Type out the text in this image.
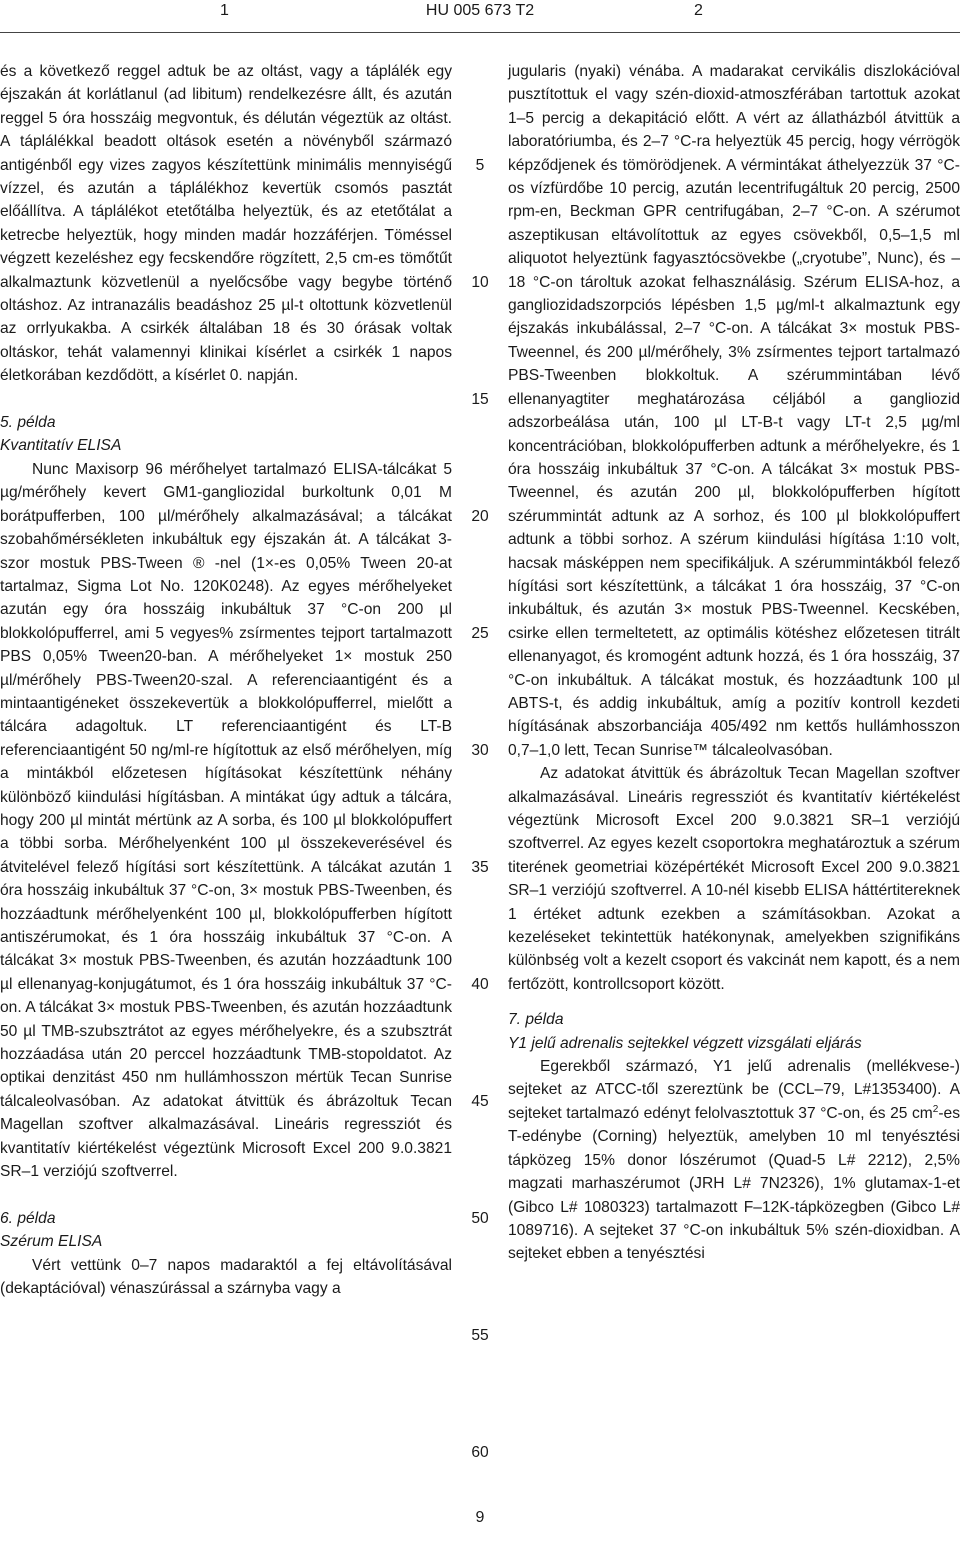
1	HU 005 673 T2	2

és a következő reggel adtuk be az oltást, vagy a táplálék egy éjszakán át korlátlanul (ad libitum) rendelkezésre állt, és azután reggel 5 óra hosszáig megvontuk, és délután végeztük az oltást. A táplálékkal beadott oltások esetén a növényből származó antigénből egy vizes zagyos készítettünk minimális mennyiségű vízzel, és azután a táplálékhoz kevertük csomós pasztát előállítva. A táplálékot etetőtálba helyeztük, és az etetőtálat a ketrecbe helyeztük, hogy minden madár hozzáférjen. Töméssel végzett kezeléshez egy fecskendőre rögzített, 2,5 cm-es tömőtűt alkalmaztunk közvetlenül a nyelőcsőbe vagy begybe történő oltáshoz. Az intranazális beadáshoz 25 µl-t oltottunk közvetlenül az orrlyukakba. A csirkék általában 18 és 30 órásak voltak oltáskor, tehát valamennyi klinikai kísérlet a csirkék 1 napos életkorában kezdődött, a kísérlet 0. napján.

5. példa

Kvantitatív ELISA

Nunc Maxisorp 96 mérőhelyet tartalmazó ELISA-tálcákat 5 µg/mérőhely kevert GM1-gangliozidal burkoltunk 0,01 M borátpufferben, 100 µl/mérőhely alkalmazásával; a tálcákat szobahőmérsékleten inkubáltuk egy éjszakán át. A tálcákat 3-szor mostuk PBS-Tween ® -nel (1×-es 0,05% Tween 20-at tartalmaz, Sigma Lot No. 120K0248). Az egyes mérőhelyeket azután egy óra hosszáig inkubáltuk 37 °C-on 200 µl blokkolópufferrel, ami 5 vegyes% zsírmentes tejport tartalmazott PBS 0,05% Tween20-ban. A mérőhelyeket 1× mostuk 250 µl/mérőhely PBS-Tween20-szal. A referenciaantigént és a mintaantigéneket összekevertük a blokkolópufferrel, mielőtt a tálcára adagoltuk. LT referenciaantigént és LT-B referenciaantigént 50 ng/ml-re hígítottuk az első mérőhelyen, míg a mintákból előzetesen hígításokat készítettünk néhány különböző kiindulási hígításban. A mintákat úgy adtuk a tálcára, hogy 200 µl mintát mértünk az A sorba, és 100 µl blokkolópuffert a többi sorba. Mérőhelyenként 100 µl összekeverésével és átvitelével felező hígítási sort készítettünk. A tálcákat azután 1 óra hosszáig inkubáltuk 37 °C-on, 3× mostuk PBS-Tweenben, és hozzáadtunk mérőhelyenként 100 µl, blokkolópufferben hígított antiszérumokat, és 1 óra hosszáig inkubáltuk 37 °C-on. A tálcákat 3× mostuk PBS-Tweenben, és azután hozzáadtunk 100 µl ellenanyag-konjugátumot, és 1 óra hosszáig inkubáltuk 37 °C-on. A tálcákat 3× mostuk PBS-Tweenben, és azután hozzáadtunk 50 µl TMB-szubsztrátot az egyes mérőhelyekre, és a szubsztrát hozzáadása után 20 perccel hozzáadtunk TMB-stopoldatot. Az optikai denzitást 450 nm hullámhosszon mértük Tecan Sunrise tálcaleolvasóban. Az adatokat átvittük és ábrázoltuk Tecan Magellan szoftver alkalmazásával. Lineáris regressziót és kvantitatív kiértékelést végeztünk Microsoft Excel 200 9.0.3821 SR–1 verziójú szoftverrel.

6. példa

Szérum ELISA

Vért vettünk 0–7 napos madaraktól a fej eltávolításával (dekaptációval) vénaszúrással a szárnyba vagy a

5
10
15
20
25
30
35
40
45
50
55
60

jugularis (nyaki) vénába. A madarakat cervikális diszlokációval pusztítottuk el vagy szén-dioxid-atmoszférában tartottuk azokat 1–5 percig a dekapitáció előtt. A vért az állatházból átvittük a laboratóriumba, és 2–7 °C-ra helyeztük 45 percig, hogy vérrögök képződjenek és tömörödjenek. A vérmintákat áthelyezzük 37 °C-os vízfürdőbe 10 percig, azután lecentrifugáltuk 20 percig, 2500 rpm-en, Beckman GPR centrifugában, 2–7 °C-on. A szérumot aszeptikusan eltávolítottuk az egyes csövekből, 0,5–1,5 ml aliquotot helyeztünk fagyasztócsövekbe („cryotube”, Nunc), és –18 °C-on tároltuk azokat felhasználásig. Szérum ELISA-hoz, a gangliozidadszorpciós lépésben 1,5 µg/ml-t alkalmaztunk egy éjszakás inkubálással, 2–7 °C-on. A tálcákat 3× mostuk PBS-Tweennel, és 200 µl/mérőhely, 3% zsírmentes tejport tartalmazó PBS-Tweenben blokkoltuk. A szérummintában lévő ellenanyagtiter meghatározása céljából a gangliozid adszorbeálása után, 100 µl LT-B-t vagy LT-t 2,5 µg/ml koncentrációban, blokkolópufferben adtunk a mérőhelyekre, és 1 óra hosszáig inkubáltuk 37 °C-on. A tálcákat 3× mostuk PBS-Tweennel, és azután 200 µl, blokkolópufferben hígított szérummintát adtunk az A sorhoz, és 100 µl blokkolópuffert adtunk a többi sorhoz. A szérum kiindulási hígítása 1:10 volt, hacsak másképpen nem specifikáljuk. A szérummintákból felező hígítási sort készítettünk, a tálcákat 1 óra hosszáig, 37 °C-on inkubáltuk, és azután 3× mostuk PBS-Tweennel. Kecskében, csirke ellen termeltetett, az optimális kötéshez előzetesen titrált ellenanyagot, és kromogént adtunk hozzá, és 1 óra hosszáig, 37 °C-on inkubáltuk. A tálcákat mostuk, és hozzáadtunk 100 µl ABTS-t, és addig inkubáltuk, amíg a pozitív kontroll kezdeti hígításának abszorbanciája 405/492 nm kettős hullámhosszon 0,7–1,0 lett, Tecan Sunrise™ tálcaleolvasóban.

Az adatokat átvittük és ábrázoltuk Tecan Magellan szoftver alkalmazásával. Lineáris regressziót és kvantitatív kiértékelést végeztünk Microsoft Excel 200 9.0.3821 SR–1 verziójú szoftverrel. Az egyes kezelt csoportokra meghatároztuk a szérum titerének geometriai középértékét Microsoft Excel 200 9.0.3821 SR–1 verziójú szoftverrel. A 10-nél kisebb ELISA háttértitereknek 1 értéket adtunk ezekben a számításokban. Azokat a kezeléseket tekintettük hatékonynak, amelyekben szignifikáns különbség volt a kezelt csoport és vakcinát nem kapott, és a nem fertőzött, kontrollcsoport között.

7. példa

Y1 jelű adrenalis sejtekkel végzett vizsgálati eljárás

Egerekből származó, Y1 jelű adrenalis (mellékvese-) sejteket az ATCC-től szereztünk be (CCL–79, L#1353400). A sejteket tartalmazó edényt felolvasztottuk 37 °C-on, és 25 $cm^2-es$ T-edénybe (Corning) helyeztük, amelyben 10 ml tenyésztési tápközeg 15% donor lószérumot (Quad-5 L# 2212), 2,5% magzati marhaszérumot (JRH L# 7N2326), 1% glutamax-1-et (Gibco L# 1080323) tartalmazott F–12K-tápközegben (Gibco L# 1089716). A sejteket 37 °C-on inkubáltuk 5% szén-dioxidban. A sejteket ebben a tenyésztési

9
